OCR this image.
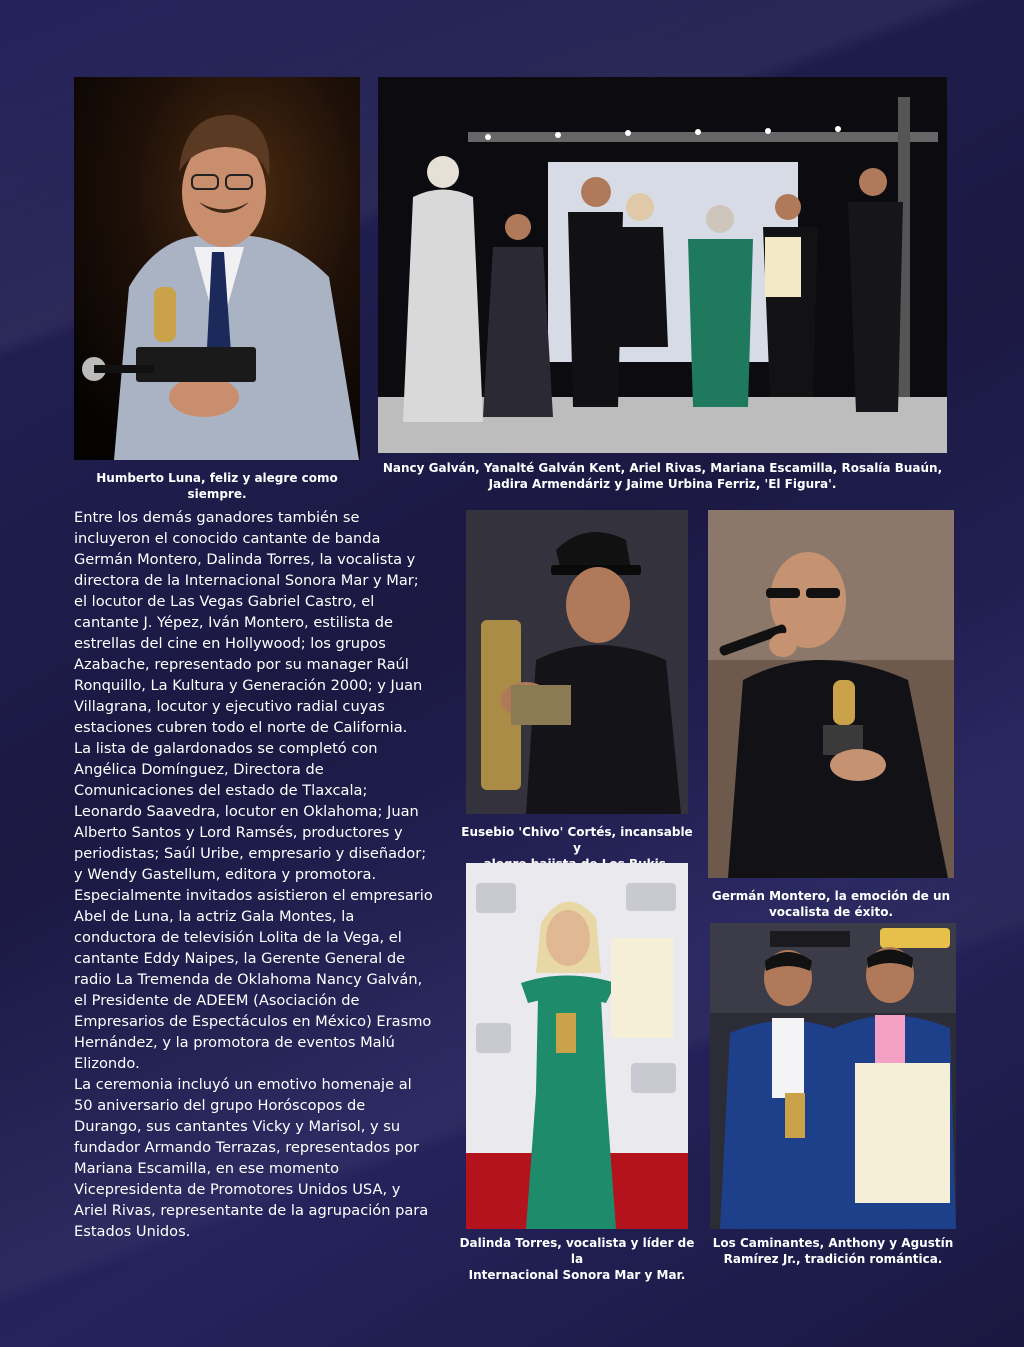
Humberto Luna, feliz y alegre como siempre.
Nancy Galván, Yanalté Galván Kent, Ariel Rivas, Mariana Escamilla, Rosalía Buaún,
Jadira Armendáriz y Jaime Urbina Ferriz, 'El Figura'.

Entre los demás ganadores también se incluyeron el conocido cantante de banda Germán Montero, Dalinda Torres, la vocalista y directora de la Internacional Sonora Mar y Mar; el locutor de Las Vegas Gabriel Castro, el cantante J. Yépez, Iván Montero, estilista de estrellas del cine en Hollywood; los grupos Azabache, representado por su manager Raúl Ronquillo, La Kultura y Generación 2000; y Juan Villagrana, locutor y ejecutivo radial cuyas estaciones cubren todo el norte de California.

La lista de galardonados se completó con Angélica Domínguez, Directora de Comunicaciones del estado de Tlaxcala; Leonardo Saavedra, locutor en Oklahoma; Juan Alberto Santos y Lord Ramsés, productores y periodistas; Saúl Uribe, empresario y diseñador; y Wendy Gastellum, editora y promotora.

Especialmente invitados asistieron el empresario Abel de Luna, la actriz Gala Montes, la conductora de televisión Lolita de la Vega, el cantante Eddy Naipes, la Gerente General de radio La Tremenda de Oklahoma Nancy Galván, el Presidente de ADEEM (Asociación de Empresarios de Espectáculos en México) Erasmo Hernández, y la promotora de eventos Malú Elizondo.

La ceremonia incluyó un emotivo homenaje al 50 aniversario del grupo Horóscopos de Durango, sus cantantes Vicky y Marisol, y su fundador Armando Terrazas, representados por Mariana Escamilla, en ese momento Vicepresidenta de Promotores Unidos USA, y Ariel Rivas, representante de la agrupación para Estados Unidos.

Eusebio 'Chivo' Cortés, incansable y
Germán Montero, la emoción de un
vocalista de éxito.
Dalinda Torres, vocalista y líder de la
Internacional Sonora Mar y Mar.
Los Caminantes, Anthony y Agustín
Ramírez Jr., tradición romántica.
